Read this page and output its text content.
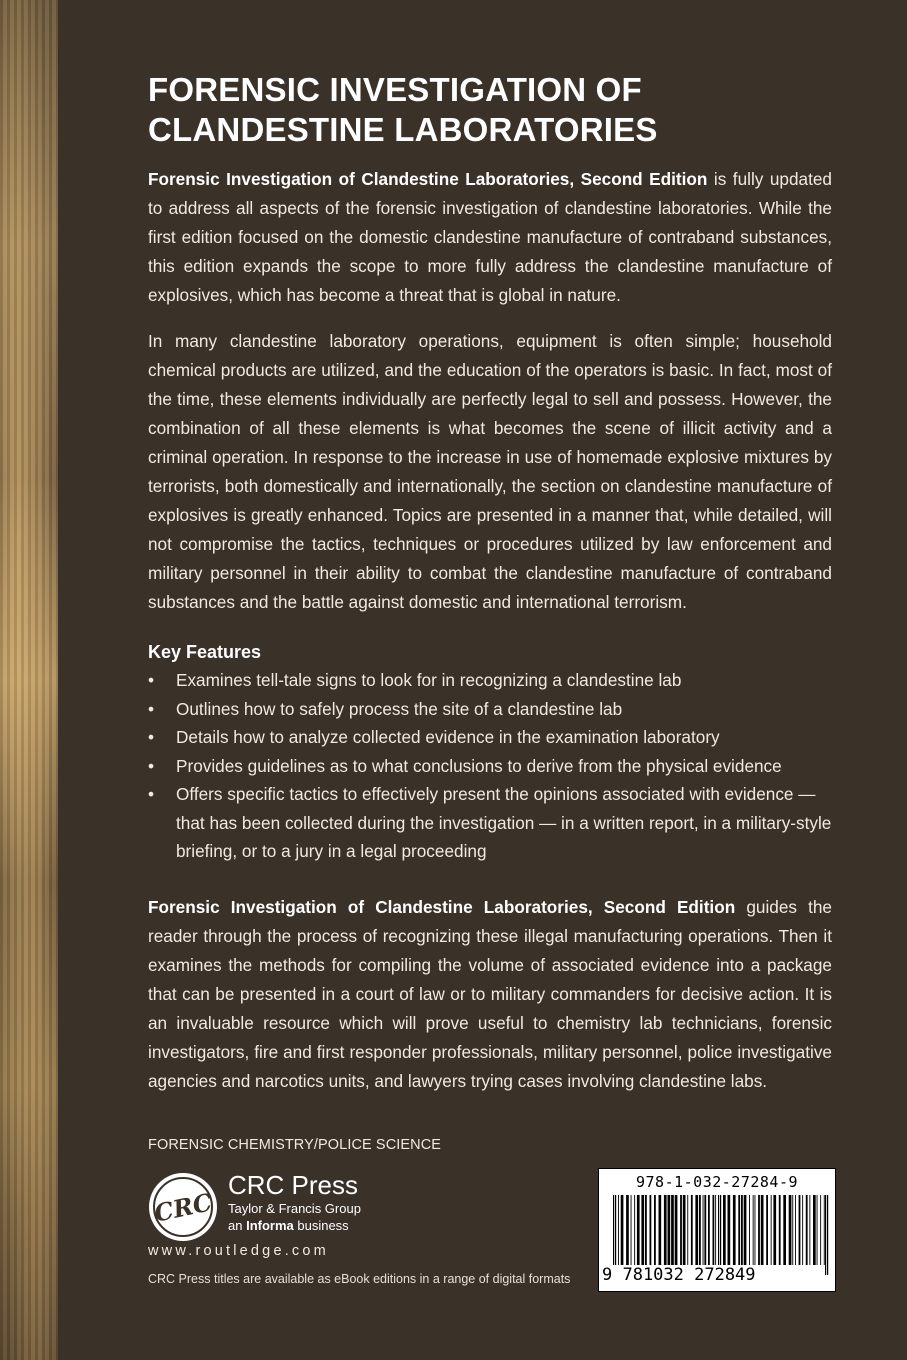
FORENSIC INVESTIGATION OF CLANDESTINE LABORATORIES

Forensic Investigation of Clandestine Laboratories, Second Edition is fully updated to address all aspects of the forensic investigation of clandestine laboratories. While the first edition focused on the domestic clandestine manufacture of contraband substances, this edition expands the scope to more fully address the clandestine manufacture of explosives, which has become a threat that is global in nature.

In many clandestine laboratory operations, equipment is often simple; household chemical products are utilized, and the education of the operators is basic. In fact, most of the time, these elements individually are perfectly legal to sell and possess. However, the combination of all these elements is what becomes the scene of illicit activity and a criminal operation. In response to the increase in use of homemade explosive mixtures by terrorists, both domestically and internationally, the section on clandestine manufacture of explosives is greatly enhanced. Topics are presented in a manner that, while detailed, will not compromise the tactics, techniques or procedures utilized by law enforcement and military personnel in their ability to combat the clandestine manufacture of contraband substances and the battle against domestic and international terrorism.

Key Features
• Examines tell-tale signs to look for in recognizing a clandestine lab
• Outlines how to safely process the site of a clandestine lab
• Details how to analyze collected evidence in the examination laboratory
• Provides guidelines as to what conclusions to derive from the physical evidence
• Offers specific tactics to effectively present the opinions associated with evidence — that has been collected during the investigation — in a written report, in a military-style briefing, or to a jury in a legal proceeding

Forensic Investigation of Clandestine Laboratories, Second Edition guides the reader through the process of recognizing these illegal manufacturing operations. Then it examines the methods for compiling the volume of associated evidence into a package that can be presented in a court of law or to military commanders for decisive action. It is an invaluable resource which will prove useful to chemistry lab technicians, forensic investigators, fire and first responder professionals, military personnel, police investigative agencies and narcotics units, and lawyers trying cases involving clandestine labs.

FORENSIC CHEMISTRY/POLICE SCIENCE
CRC
CRC Press
Taylor & Francis Group
an Informa business
www.routledge.com
CRC Press titles are available as eBook editions in a range of digital formats
978-1-032-27284-9
9 781032 272849
